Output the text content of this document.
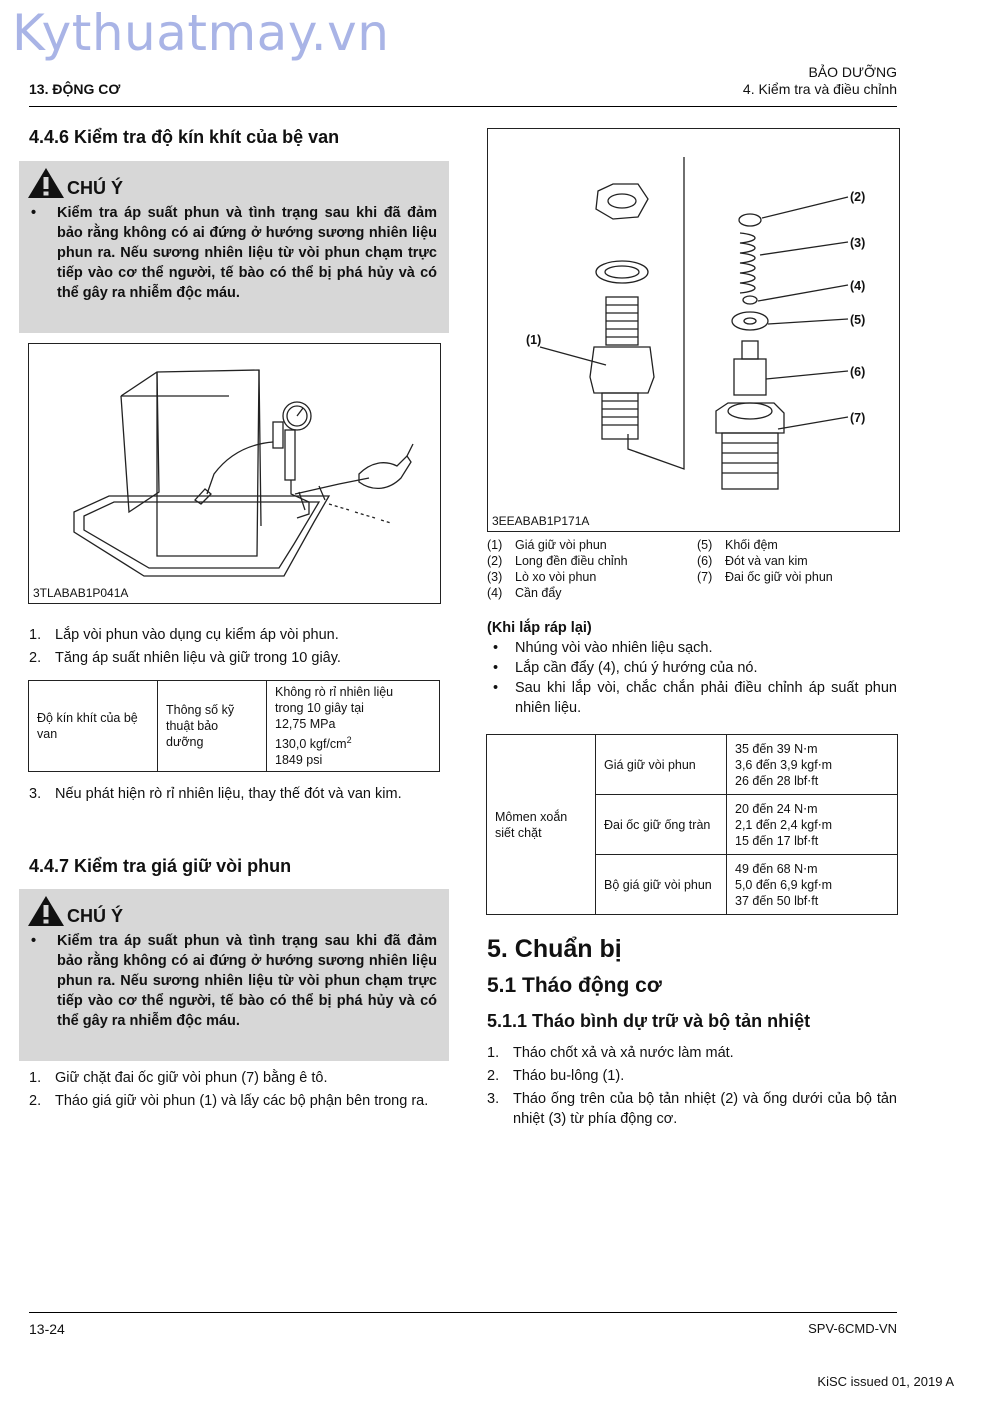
Kythuatmay.vn
13. ĐỘNG CƠ
BẢO DƯỠNG
4. Kiểm tra và điều chỉnh
4.4.6 Kiểm tra độ kín khít của bệ van
CHÚ Ý
• Kiểm tra áp suất phun và tình trạng sau khi đã đảm bảo rằng không có ai đứng ở hướng sương nhiên liệu phun ra. Nếu sương nhiên liệu từ vòi phun chạm trực tiếp vào cơ thể người, tế bào có thể bị phá hủy và có thể gây ra nhiễm độc máu.
3TLABAB1P041A
1. Lắp vòi phun vào dụng cụ kiểm áp vòi phun.
2. Tăng áp suất nhiên liệu và giữ trong 10 giây.
Độ kín khít của bệ van	Thông số kỹ thuật bảo dưỡng	
Không rò rỉ nhiên liệu
trong 10 giây tại
12,75 MPa
130,0 kgf/$cm^2$
1849 psi
3. Nếu phát hiện rò rỉ nhiên liệu, thay thế đót và van kim.
4.4.7 Kiểm tra giá giữ vòi phun
CHÚ Ý
• Kiểm tra áp suất phun và tình trạng sau khi đã đảm bảo rằng không có ai đứng ở hướng sương nhiên liệu phun ra. Nếu sương nhiên liệu từ vòi phun chạm trực tiếp vào cơ thể người, tế bào có thể bị phá hủy và có thể gây ra nhiễm độc máu.
1. Giữ chặt đai ốc giữ vòi phun (7) bằng ê tô.
2. Tháo giá giữ vòi phun (1) và lấy các bộ phận bên trong ra.
(1)
(2)
(3)
(4)
(5)
(6)
(7)
3EEABAB1P171A
(1)	Giá giữ vòi phun
(2)	Long đền điều chỉnh
(3)	Lò xo vòi phun
(4)	Cần đẩy
(5)	Khối đệm
(6)	Đót và van kim
(7)	Đai ốc giữ vòi phun
(Khi lắp ráp lại)
• Nhúng vòi vào nhiên liệu sạch.
• Lắp cần đẩy (4), chú ý hướng của nó.
• Sau khi lắp vòi, chắc chắn phải điều chỉnh áp suất phun nhiên liệu.
Mômen xoắn siết chặt	Giá giữ vòi phun	35 đến 39 N⋅m
3,6 đến 3,9 kgf⋅m
26 đến 28 lbf⋅ft

	Đai ốc giữ ống tràn	20 đến 24 N⋅m
2,1 đến 2,4 kgf⋅m
15 đến 17 lbf⋅ft

	Bộ giá giữ vòi phun	49 đến 68 N⋅m
5,0 đến 6,9 kgf⋅m
37 đến 50 lbf⋅ft
5. Chuẩn bị
5.1 Tháo động cơ
5.1.1 Tháo bình dự trữ và bộ tản nhiệt
1. Tháo chốt xả và xả nước làm mát.
2. Tháo bu-lông (1).
3. Tháo ống trên của bộ tản nhiệt (2) và ống dưới của bộ tản nhiệt (3) từ phía động cơ.
13-24	SPV-6CMD-VN
KiSC issued 01, 2019 A
